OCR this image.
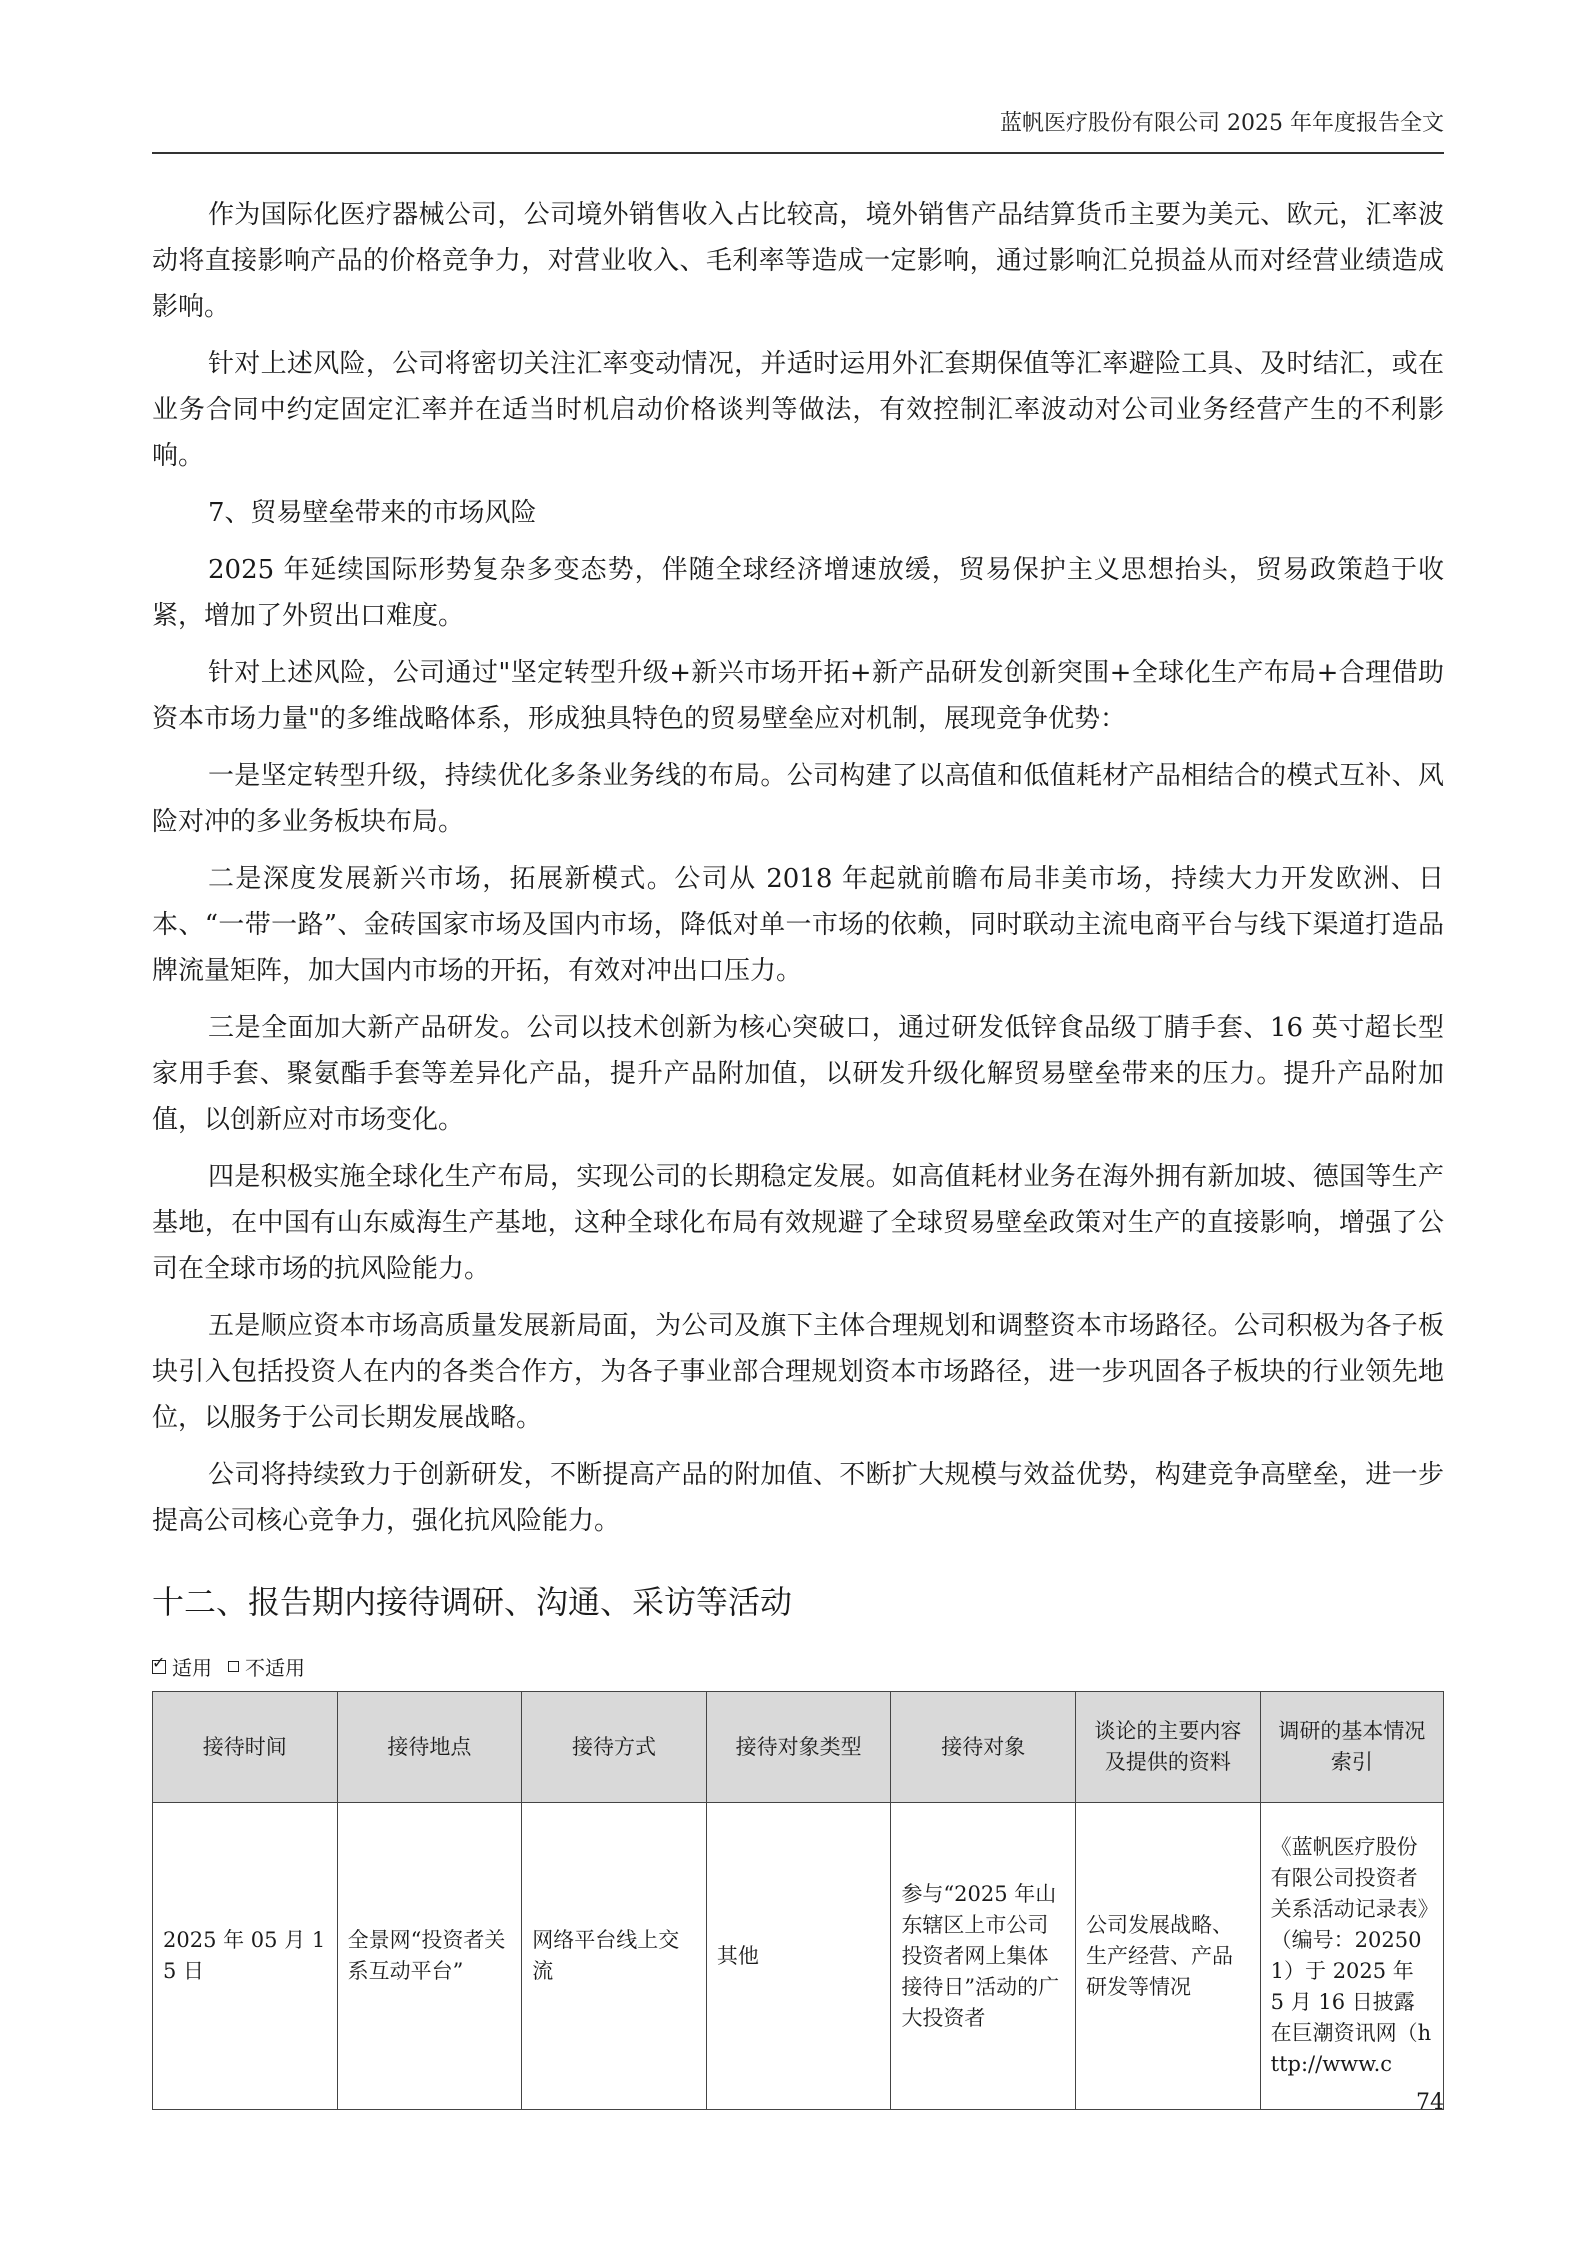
蓝帆医疗股份有限公司 2025 年年度报告全文

作为国际化医疗器械公司，公司境外销售收入占比较高，境外销售产品结算货币主要为美元、欧元，汇率波动将直接影响产品的价格竞争力，对营业收入、毛利率等造成一定影响，通过影响汇兑损益从而对经营业绩造成影响。

针对上述风险，公司将密切关注汇率变动情况，并适时运用外汇套期保值等汇率避险工具、及时结汇，或在业务合同中约定固定汇率并在适当时机启动价格谈判等做法，有效控制汇率波动对公司业务经营产生的不利影响。

7、贸易壁垒带来的市场风险

2025 年延续国际形势复杂多变态势，伴随全球经济增速放缓，贸易保护主义思想抬头，贸易政策趋于收紧，增加了外贸出口难度。

针对上述风险，公司通过"坚定转型升级+新兴市场开拓+新产品研发创新突围+全球化生产布局+合理借助资本市场力量"的多维战略体系，形成独具特色的贸易壁垒应对机制，展现竞争优势：

一是坚定转型升级，持续优化多条业务线的布局。公司构建了以高值和低值耗材产品相结合的模式互补、风险对冲的多业务板块布局。

二是深度发展新兴市场，拓展新模式。公司从 2018 年起就前瞻布局非美市场，持续大力开发欧洲、日本、“一带一路”、金砖国家市场及国内市场，降低对单一市场的依赖，同时联动主流电商平台与线下渠道打造品牌流量矩阵，加大国内市场的开拓，有效对冲出口压力。

三是全面加大新产品研发。公司以技术创新为核心突破口，通过研发低锌食品级丁腈手套、16 英寸超长型家用手套、聚氨酯手套等差异化产品，提升产品附加值，以研发升级化解贸易壁垒带来的压力。提升产品附加值，以创新应对市场变化。

四是积极实施全球化生产布局，实现公司的长期稳定发展。如高值耗材业务在海外拥有新加坡、德国等生产基地，在中国有山东威海生产基地，这种全球化布局有效规避了全球贸易壁垒政策对生产的直接影响，增强了公司在全球市场的抗风险能力。

五是顺应资本市场高质量发展新局面，为公司及旗下主体合理规划和调整资本市场路径。公司积极为各子板块引入包括投资人在内的各类合作方，为各子事业部合理规划资本市场路径，进一步巩固各子板块的行业领先地位，以服务于公司长期发展战略。

公司将持续致力于创新研发，不断提高产品的附加值、不断扩大规模与效益优势，构建竞争高壁垒，进一步提高公司核心竞争力，强化抗风险能力。

十二、报告期内接待调研、沟通、采访等活动
✓ 适用 不适用
接待时间	接待地点	接待方式	接待对象类型	接待对象	谈论的主要内容及提供的资料	调研的基本情况索引
2025 年 05 月 15 日	全景网“投资者关系互动平台”	网络平台线上交流	其他	参与“2025 年山东辖区上市公司投资者网上集体接待日”活动的广大投资者	公司发展战略、生产经营、产品研发等情况	《蓝帆医疗股份有限公司投资者关系活动记录表》（编号：202501）于 2025 年 5 月 16 日披露在巨潮资讯网（http://www.c
74
